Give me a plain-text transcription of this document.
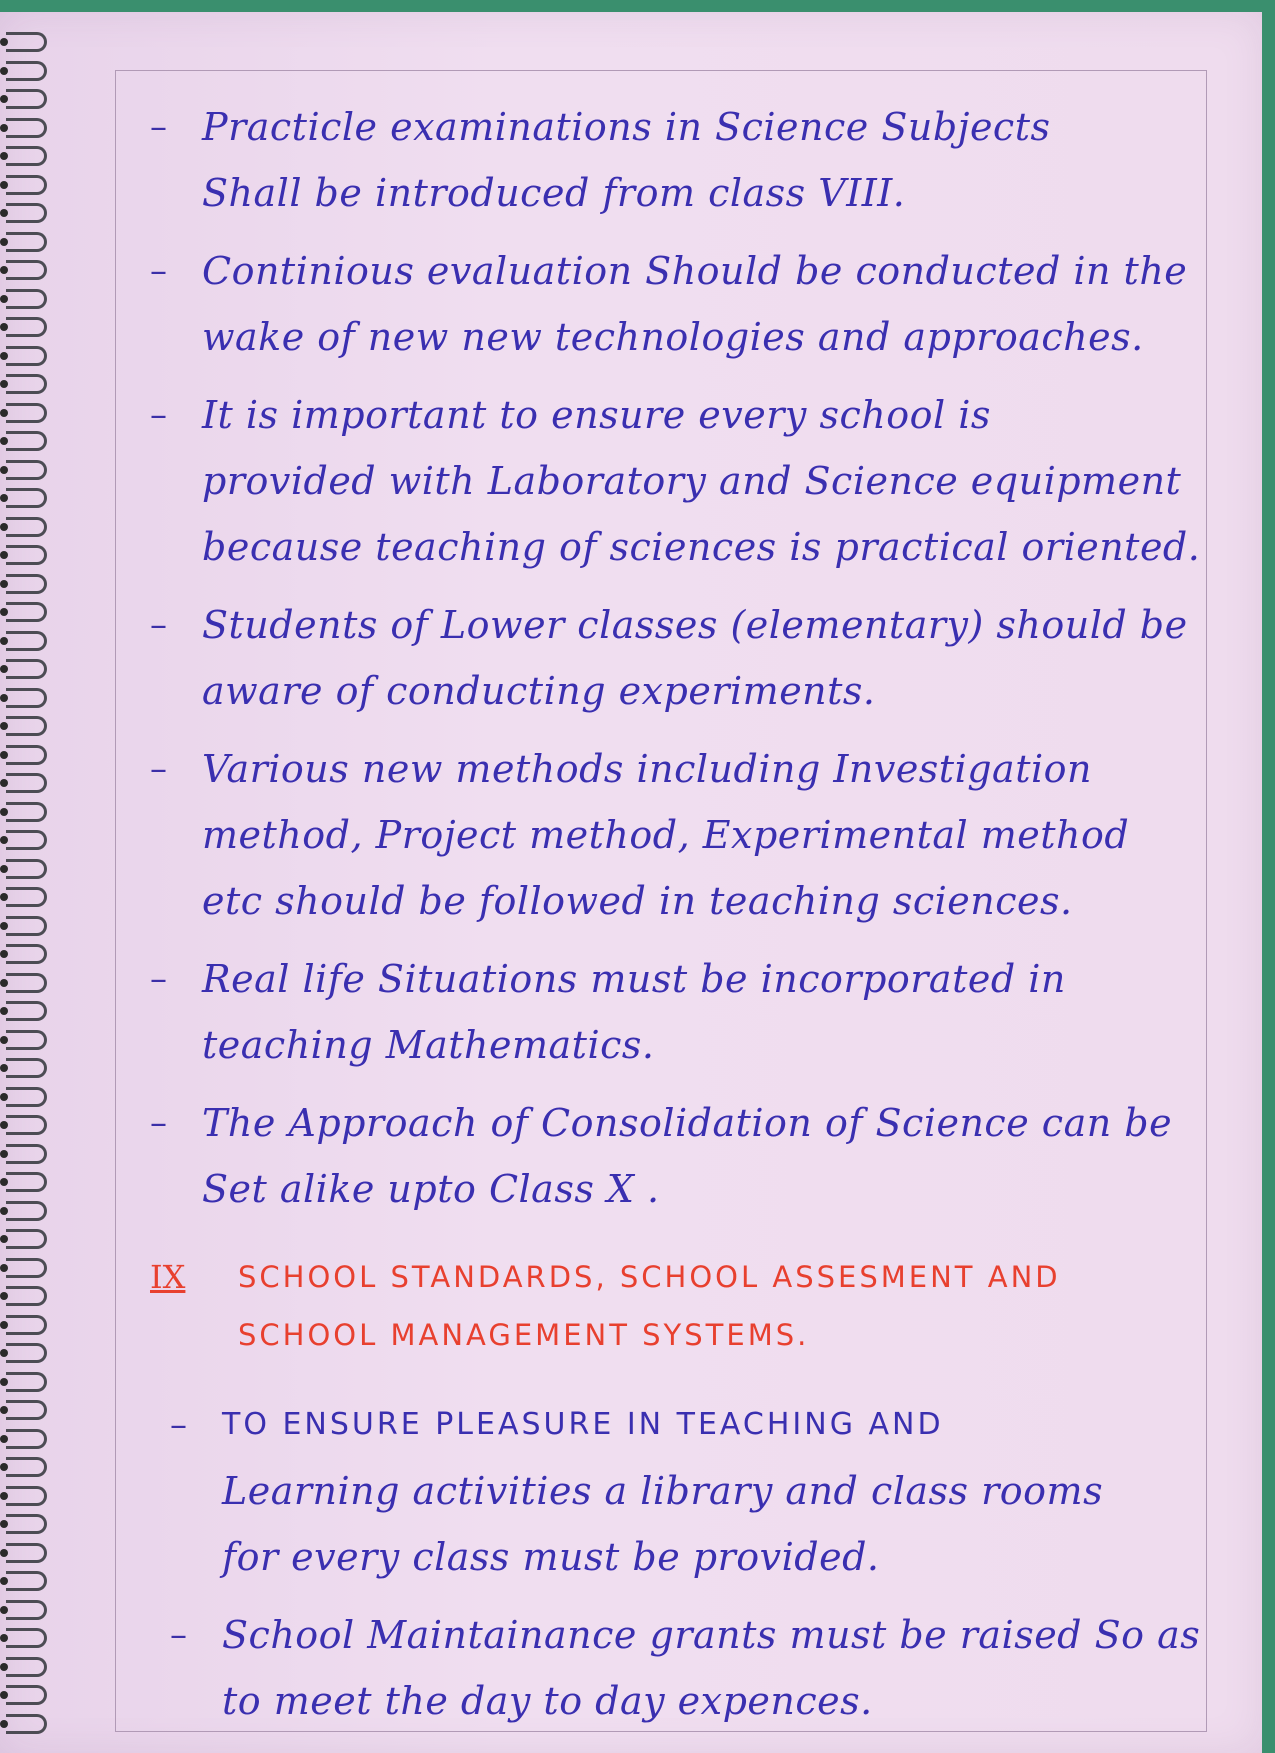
– Practicle examinations in Science Subjects
Shall be introduced from class VIII.
– Continious evaluation Should be conducted in the
wake of new new technologies and approaches.
– It is important to ensure every school is
provided with Laboratory and Science equipment
because teaching of sciences is practical oriented.
– Students of Lower classes (elementary) should be
aware of conducting experiments.
– Various new methods including Investigation
method, Project method, Experimental method
etc should be followed in teaching sciences.
– Real life Situations must be incorporated in
teaching Mathematics.
– The Approach of Consolidation of Science can be
Set alike upto Class X .
IX SCHOOL STANDARDS, SCHOOL ASSESMENT AND
SCHOOL MANAGEMENT SYSTEMS.
–	TO ENSURE PLEASURE IN TEACHING AND
Learning activities a library and class rooms
for every class must be provided.
– School Maintainance grants must be raised So as
to meet the day to day expences.
